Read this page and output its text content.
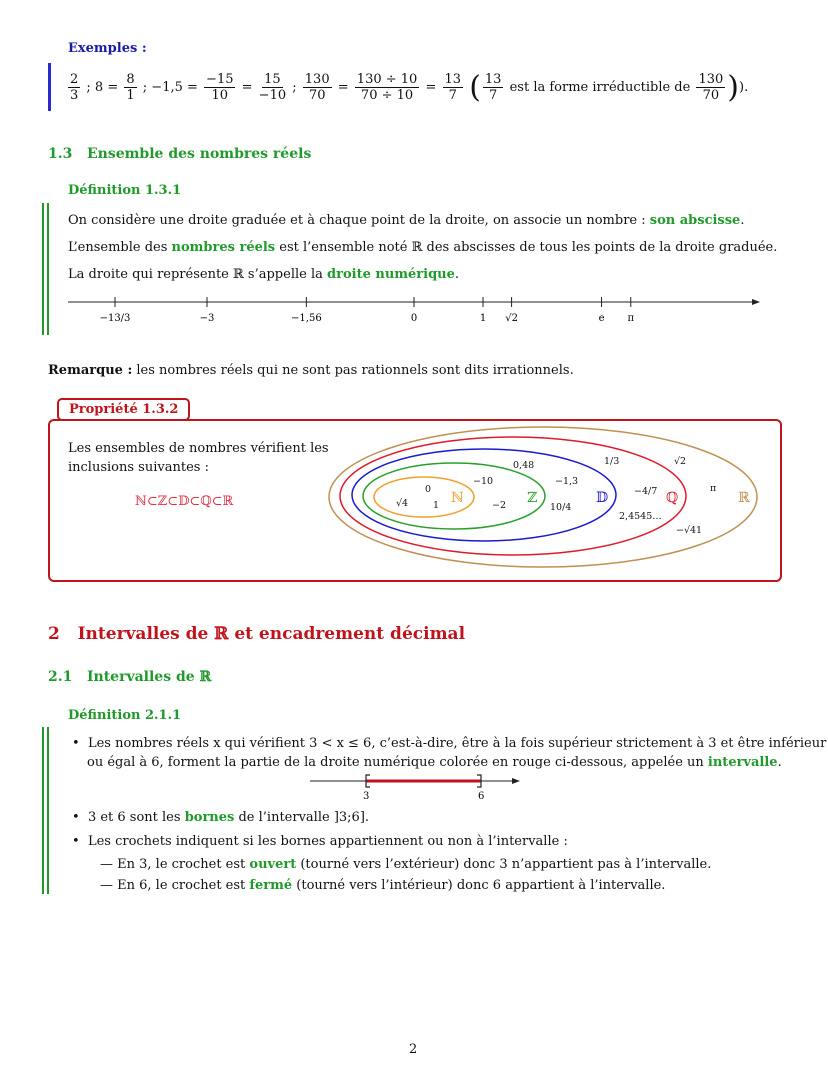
Exemples :
$\frac{2}{3}$ ; $8 = \frac{8}{1}$ ; $-1,5 = \frac{-15}{10} = \frac{15}{-10}$ ; $\frac{130}{70} = \frac{130 \div 10}{70 \div 10} = \frac{13}{7}$ ( $\frac{13}{7}$ est la forme irréductible de $\frac{130}{70}$ )).
1.3 Ensemble des nombres réels
Définition 1.3.1
On considère une droite graduée et à chaque point de la droite, on associe un nombre : son abscisse.
L’ensemble des nombres réels est l’ensemble noté ℝ des abscisses de tous les points de la droite graduée.
La droite qui représente ℝ s’appelle la droite numérique.
−13/3	−3	−1,56	0	1 √2	e π
Remarque : les nombres réels qui ne sont pas rationnels sont dits irrationnels.
Propriété 1.3.2
Les ensembles de nombres vérifient les
inclusions suivantes :
ℕ⊂ℤ⊂𝔻⊂ℚ⊂ℝ	ℕ	ℤ	𝔻	ℚ	ℝ
0
√4	1
−10
−2
0,48
−1,3
10/4
1/3
−4/7
2,4545…
√2
π
−√41
2 Intervalles de ℝ et encadrement décimal
2.1 Intervalles de ℝ
Définition 2.1.1
•  Les nombres réels x qui vérifient 3 < x ≤ 6, c’est-à-dire, être à la fois supérieur strictement à 3 et être inférieur
ou égal à 6, forment la partie de la droite numérique colorée en rouge ci-dessous, appelée un intervalle.
3	6
•  3 et 6 sont les bornes de l’intervalle ]3;6].
•  Les crochets indiquent si les bornes appartiennent ou non à l’intervalle :
— En 3, le crochet est ouvert (tourné vers l’extérieur) donc 3 n’appartient pas à l’intervalle.
— En 6, le crochet est fermé (tourné vers l’intérieur) donc 6 appartient à l’intervalle.
2
